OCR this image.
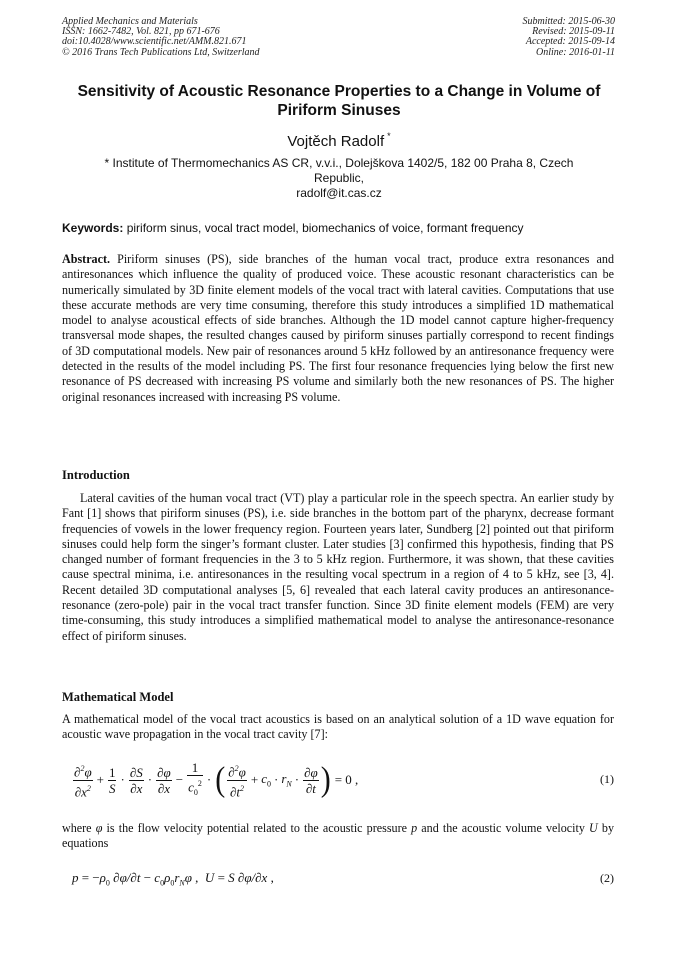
Applied Mechanics and Materials
ISSN: 1662-7482, Vol. 821, pp 671-676
doi:10.4028/www.scientific.net/AMM.821.671
© 2016 Trans Tech Publications Ltd, Switzerland
Submitted: 2015-06-30
Revised: 2015-09-11
Accepted: 2015-09-14
Online: 2016-01-11
Sensitivity of Acoustic Resonance Properties to a Change in Volume of
Piriform Sinuses
Vojtěch Radolf *
* Institute of Thermomechanics AS CR, v.v.i., Dolejškova 1402/5, 182 00 Praha 8, Czech
Republic,
radolf@it.cas.cz
Keywords: piriform sinus, vocal tract model, biomechanics of voice, formant frequency

Abstract. Piriform sinuses (PS), side branches of the human vocal tract, produce extra resonances and antiresonances which influence the quality of produced voice. These acoustic resonant characteristics can be numerically simulated by 3D finite element models of the vocal tract with lateral cavities. Computations that use these accurate methods are very time consuming, therefore this study introduces a simplified 1D mathematical model to analyse acoustical effects of side branches. Although the 1D model cannot capture higher-frequency transversal mode shapes, the resulted changes caused by piriform sinuses partially correspond to recent findings of 3D computational models. New pair of resonances around 5 kHz followed by an antiresonance frequency were detected in the results of the model including PS. The first four resonance frequencies lying below the first new resonance of PS decreased with increasing PS volume and similarly both the new resonances of PS. The higher original resonances increased with increasing PS volume.

Introduction

Lateral cavities of the human vocal tract (VT) play a particular role in the speech spectra. An earlier study by Fant [1] shows that piriform sinuses (PS), i.e. side branches in the bottom part of the pharynx, decrease formant frequencies of vowels in the lower frequency region. Fourteen years later, Sundberg [2] pointed out that piriform sinuses could help form the singer’s formant cluster. Later studies [3] confirmed this hypothesis, finding that PS changed number of formant frequencies in the 3 to 5 kHz region. Furthermore, it was shown, that these cavities cause spectral minima, i.e. antiresonances in the resulting vocal spectrum in a region of 4 to 5 kHz, see [3, 4]. Recent detailed 3D computational analyses [5, 6] revealed that each lateral cavity produces an antiresonance-resonance (zero-pole) pair in the vocal tract transfer function. Since 3D finite element models (FEM) are very time-consuming, this study introduces a simplified mathematical model to analyse the antiresonance-resonance effect of piriform sinuses.

Mathematical Model

A mathematical model of the vocal tract acoustics is based on an analytical solution of a 1D wave equation for acoustic wave propagation in the vocal tract cavity [7]:

$\frac{\partial^2\varphi}{\partial x^2} + \frac{1}{S} \cdot \frac{\partial S}{\partial x} \cdot \frac{\partial\varphi}{\partial x} - \frac{1}{c_0^2}$ · ( $\frac{\partial^2\varphi}{\partial t^2} + c_0 \cdot r_N \cdot \frac{\partial\varphi}{\partial t}$ ) = 0 ,	(1)

where φ is the flow velocity potential related to the acoustic pressure p and the acoustic volume velocity U by equations

$p = -\rho_0$ $\partial\varphi/\partial t - c_0\rho_0r_N\varphi$ ,  U = S ∂φ/∂x ,	(2)
